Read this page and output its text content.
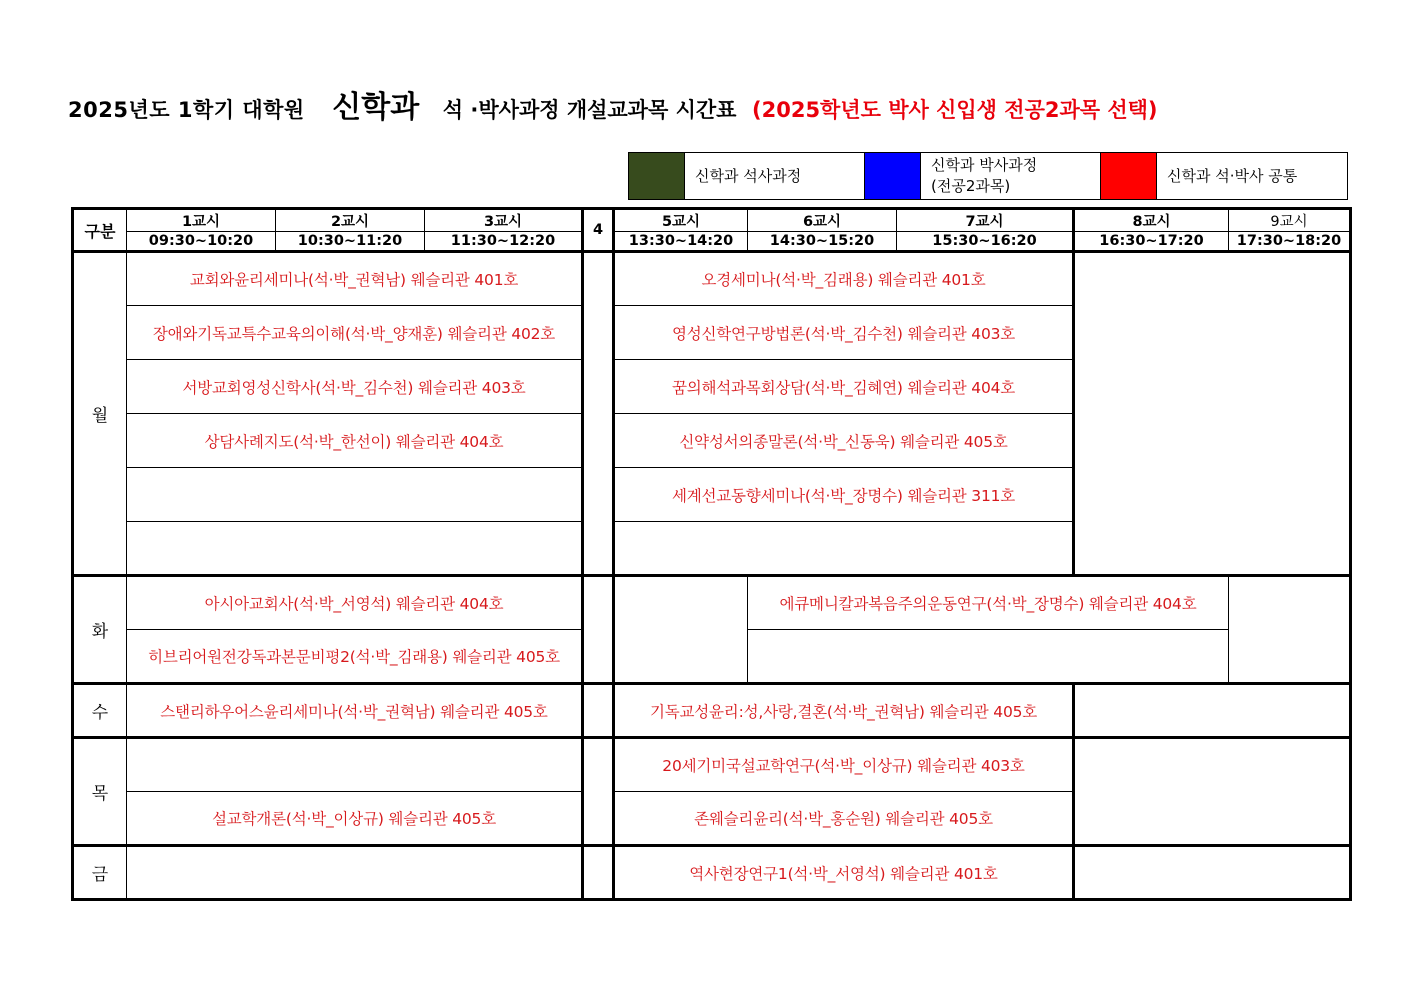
2025년도 1학기 대학원 신학과 석 ·박사과정 개설교과목 시간표 (2025학년도 박사 신입생 전공2과목 선택)
신학과 석사과정
신학과 박사과정
(전공2과목)
신학과 석·박사 공통
구분	1교시	2교시	3교시	4	5교시	6교시	7교시	8교시	9교시
	09:30~10:20	10:30~11:20	11:30~12:20		13:30~14:20	14:30~15:20	15:30~16:20	16:30~17:20	17:30~18:20
월	교회와윤리세미나(석·박_권혁남) 웨슬리관 401호				오경세미나(석·박_김래용) 웨슬리관 401호				
	장애와기독교특수교육의이해(석·박_양재훈) 웨슬리관 402호				영성신학연구방법론(석·박_김수천) 웨슬리관 403호				
	서방교회영성신학사(석·박_김수천) 웨슬리관 403호				꿈의해석과목회상담(석·박_김혜연) 웨슬리관 404호				
	상담사례지도(석·박_한선이) 웨슬리관 404호				신약성서의종말론(석·박_신동욱) 웨슬리관 405호				
					세계선교동향세미나(석·박_장명수) 웨슬리관 311호				

화	아시아교회사(석·박_서영석) 웨슬리관 404호					에큐메니칼과복음주의운동연구(석·박_장명수) 웨슬리관 404호			
	히브리어원전강독과본문비평2(석·박_김래용) 웨슬리관 405호								
수	스탠리하우어스윤리세미나(석·박_권혁남) 웨슬리관 405호				기독교성윤리:성,사랑,결혼(석·박_권혁남) 웨슬리관 405호				
목					20세기미국설교학연구(석·박_이상규) 웨슬리관 403호				
	설교학개론(석·박_이상규) 웨슬리관 405호				존웨슬리윤리(석·박_홍순원) 웨슬리관 405호				
금					역사현장연구1(석·박_서영석) 웨슬리관 401호				
